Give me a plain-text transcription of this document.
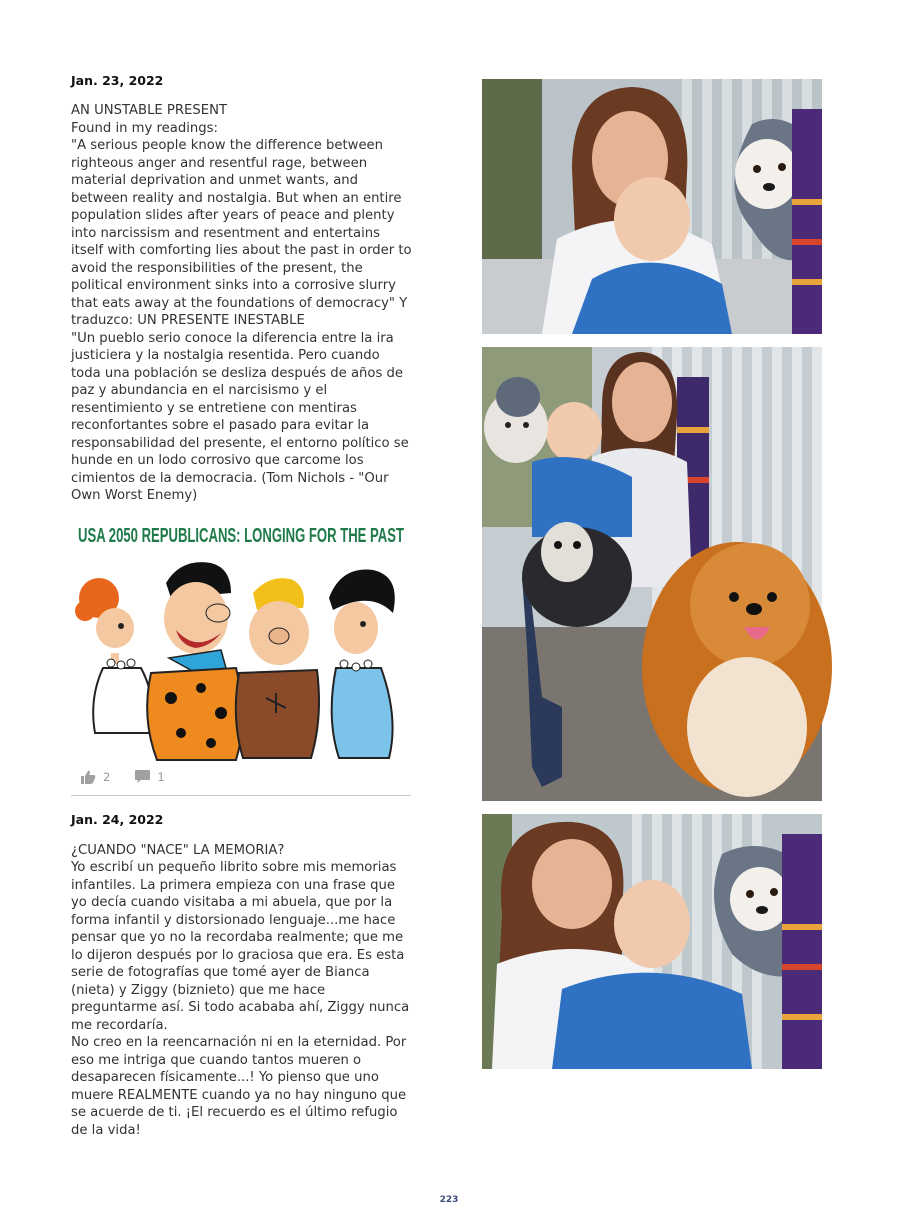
Jan. 23, 2022

AN UNSTABLE PRESENT
Found in my readings:
"A serious people know the difference between righteous anger and resentful rage, between material deprivation and unmet wants, and between reality and nostalgia. But when an entire population slides after years of peace and plenty into narcissism and resentment and entertains itself with comforting lies about the past in order to avoid the responsibilities of the present, the political environment sinks into a corrosive slurry that eats away at the foundations of democracy" Y traduzco: UN PRESENTE INESTABLE
"Un pueblo serio conoce la diferencia entre la ira justiciera y la nostalgia resentida. Pero cuando toda una población se desliza después de años de paz y abundancia en el narcisismo y el resentimiento y se entretiene con mentiras reconfortantes sobre el pasado para evitar la responsabilidad del presente, el entorno político se hunde en un lodo corrosivo que carcome los cimientos de la democracia. (Tom Nichols - "Our Own Worst Enemy)

USA 2050 REPUBLICANS: LONGING FOR THE PAST
2	1

Jan. 24, 2022

¿CUANDO "NACE" LA MEMORIA?
Yo escribí un pequeño librito sobre mis memorias infantiles. La primera empieza con una frase que yo decía cuando visitaba a mi abuela, que por la forma infantil y distorsionado lenguaje...me hace pensar que yo no la recordaba realmente; que me lo dijeron después por lo graciosa que era. Es esta serie de fotografías que tomé ayer de Bianca (nieta) y Ziggy (biznieto) que me hace preguntarme así. Si todo acababa ahí, Ziggy nunca me recordaría.
No creo en la reencarnación ni en la eternidad. Por eso me intriga que cuando tantos mueren o desaparecen físicamente...! Yo pienso que uno muere REALMENTE cuando ya no hay ninguno que se acuerde de ti. ¡El recuerdo es el último refugio de la vida!

223
